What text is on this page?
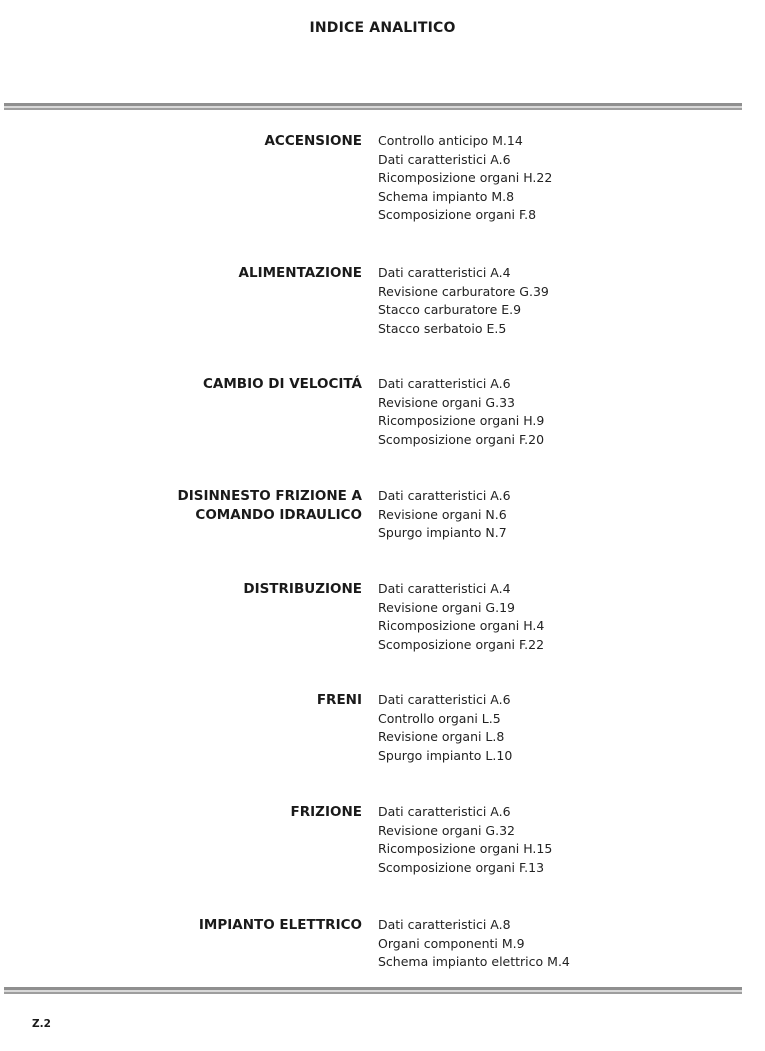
INDICE ANALITICO
ACCENSIONE Controllo anticipo M.14
Dati caratteristici A.6
Ricomposizione organi H.22
Schema impianto M.8
Scomposizione organi F.8
ALIMENTAZIONE Dati caratteristici A.4
Revisione carburatore G.39
Stacco carburatore E.9
Stacco serbatoio E.5
CAMBIO DI VELOCITÁ Dati caratteristici A.6
Revisione organi G.33
Ricomposizione organi H.9
Scomposizione organi F.20
DISINNESTO FRIZIONE A
COMANDO IDRAULICO
Dati caratteristici A.6
Revisione organi N.6
Spurgo impianto N.7
DISTRIBUZIONE Dati caratteristici A.4
Revisione organi G.19
Ricomposizione organi H.4
Scomposizione organi F.22
FRENI Dati caratteristici A.6
Controllo organi L.5
Revisione organi L.8
Spurgo impianto L.10
FRIZIONE Dati caratteristici A.6
Revisione organi G.32
Ricomposizione organi H.15
Scomposizione organi F.13
IMPIANTO ELETTRICO Dati caratteristici A.8
Organi componenti M.9
Schema impianto elettrico M.4
Z.2
